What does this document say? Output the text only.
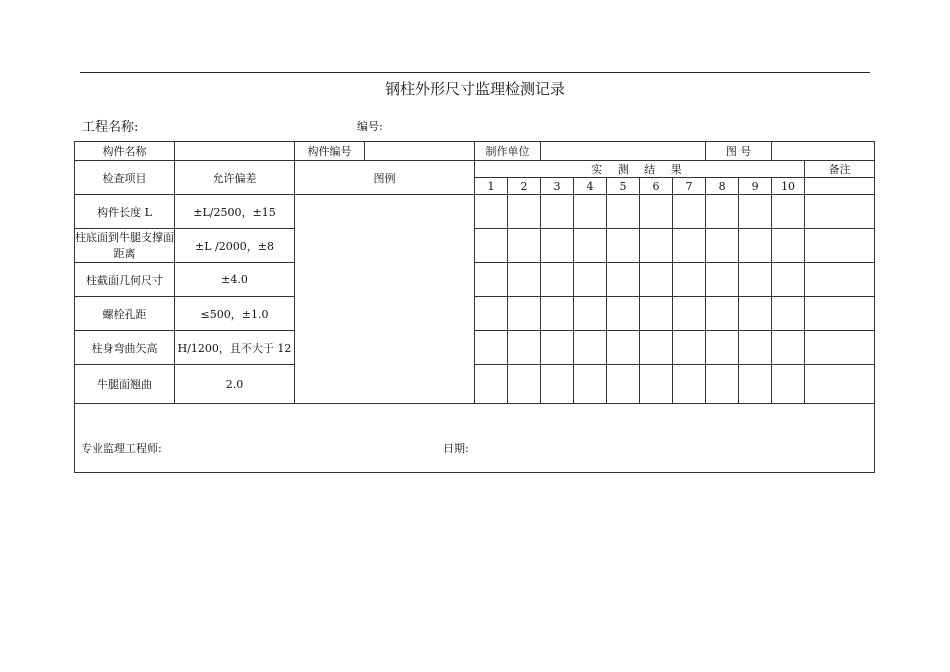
钢柱外形尺寸监理检测记录
工程名称:	编号:
构件名称		构件编号		制作单位							图 号			
检查项目	允许偏差	图例		实 测 结 果										备注
				1	2	3	4	5	6	7	8	9	10	
构件长度 L	±L/2500，±15													
柱底面到牛腿支撑面距离	±L /2000，±8													
柱截面几何尺寸	±4.0													
螺栓孔距	≤500，±1.0													
柱身弯曲矢高	H/1200，且不大于 12													
牛腿面翘曲	2.0													

专业监理工程师: 日期:														
